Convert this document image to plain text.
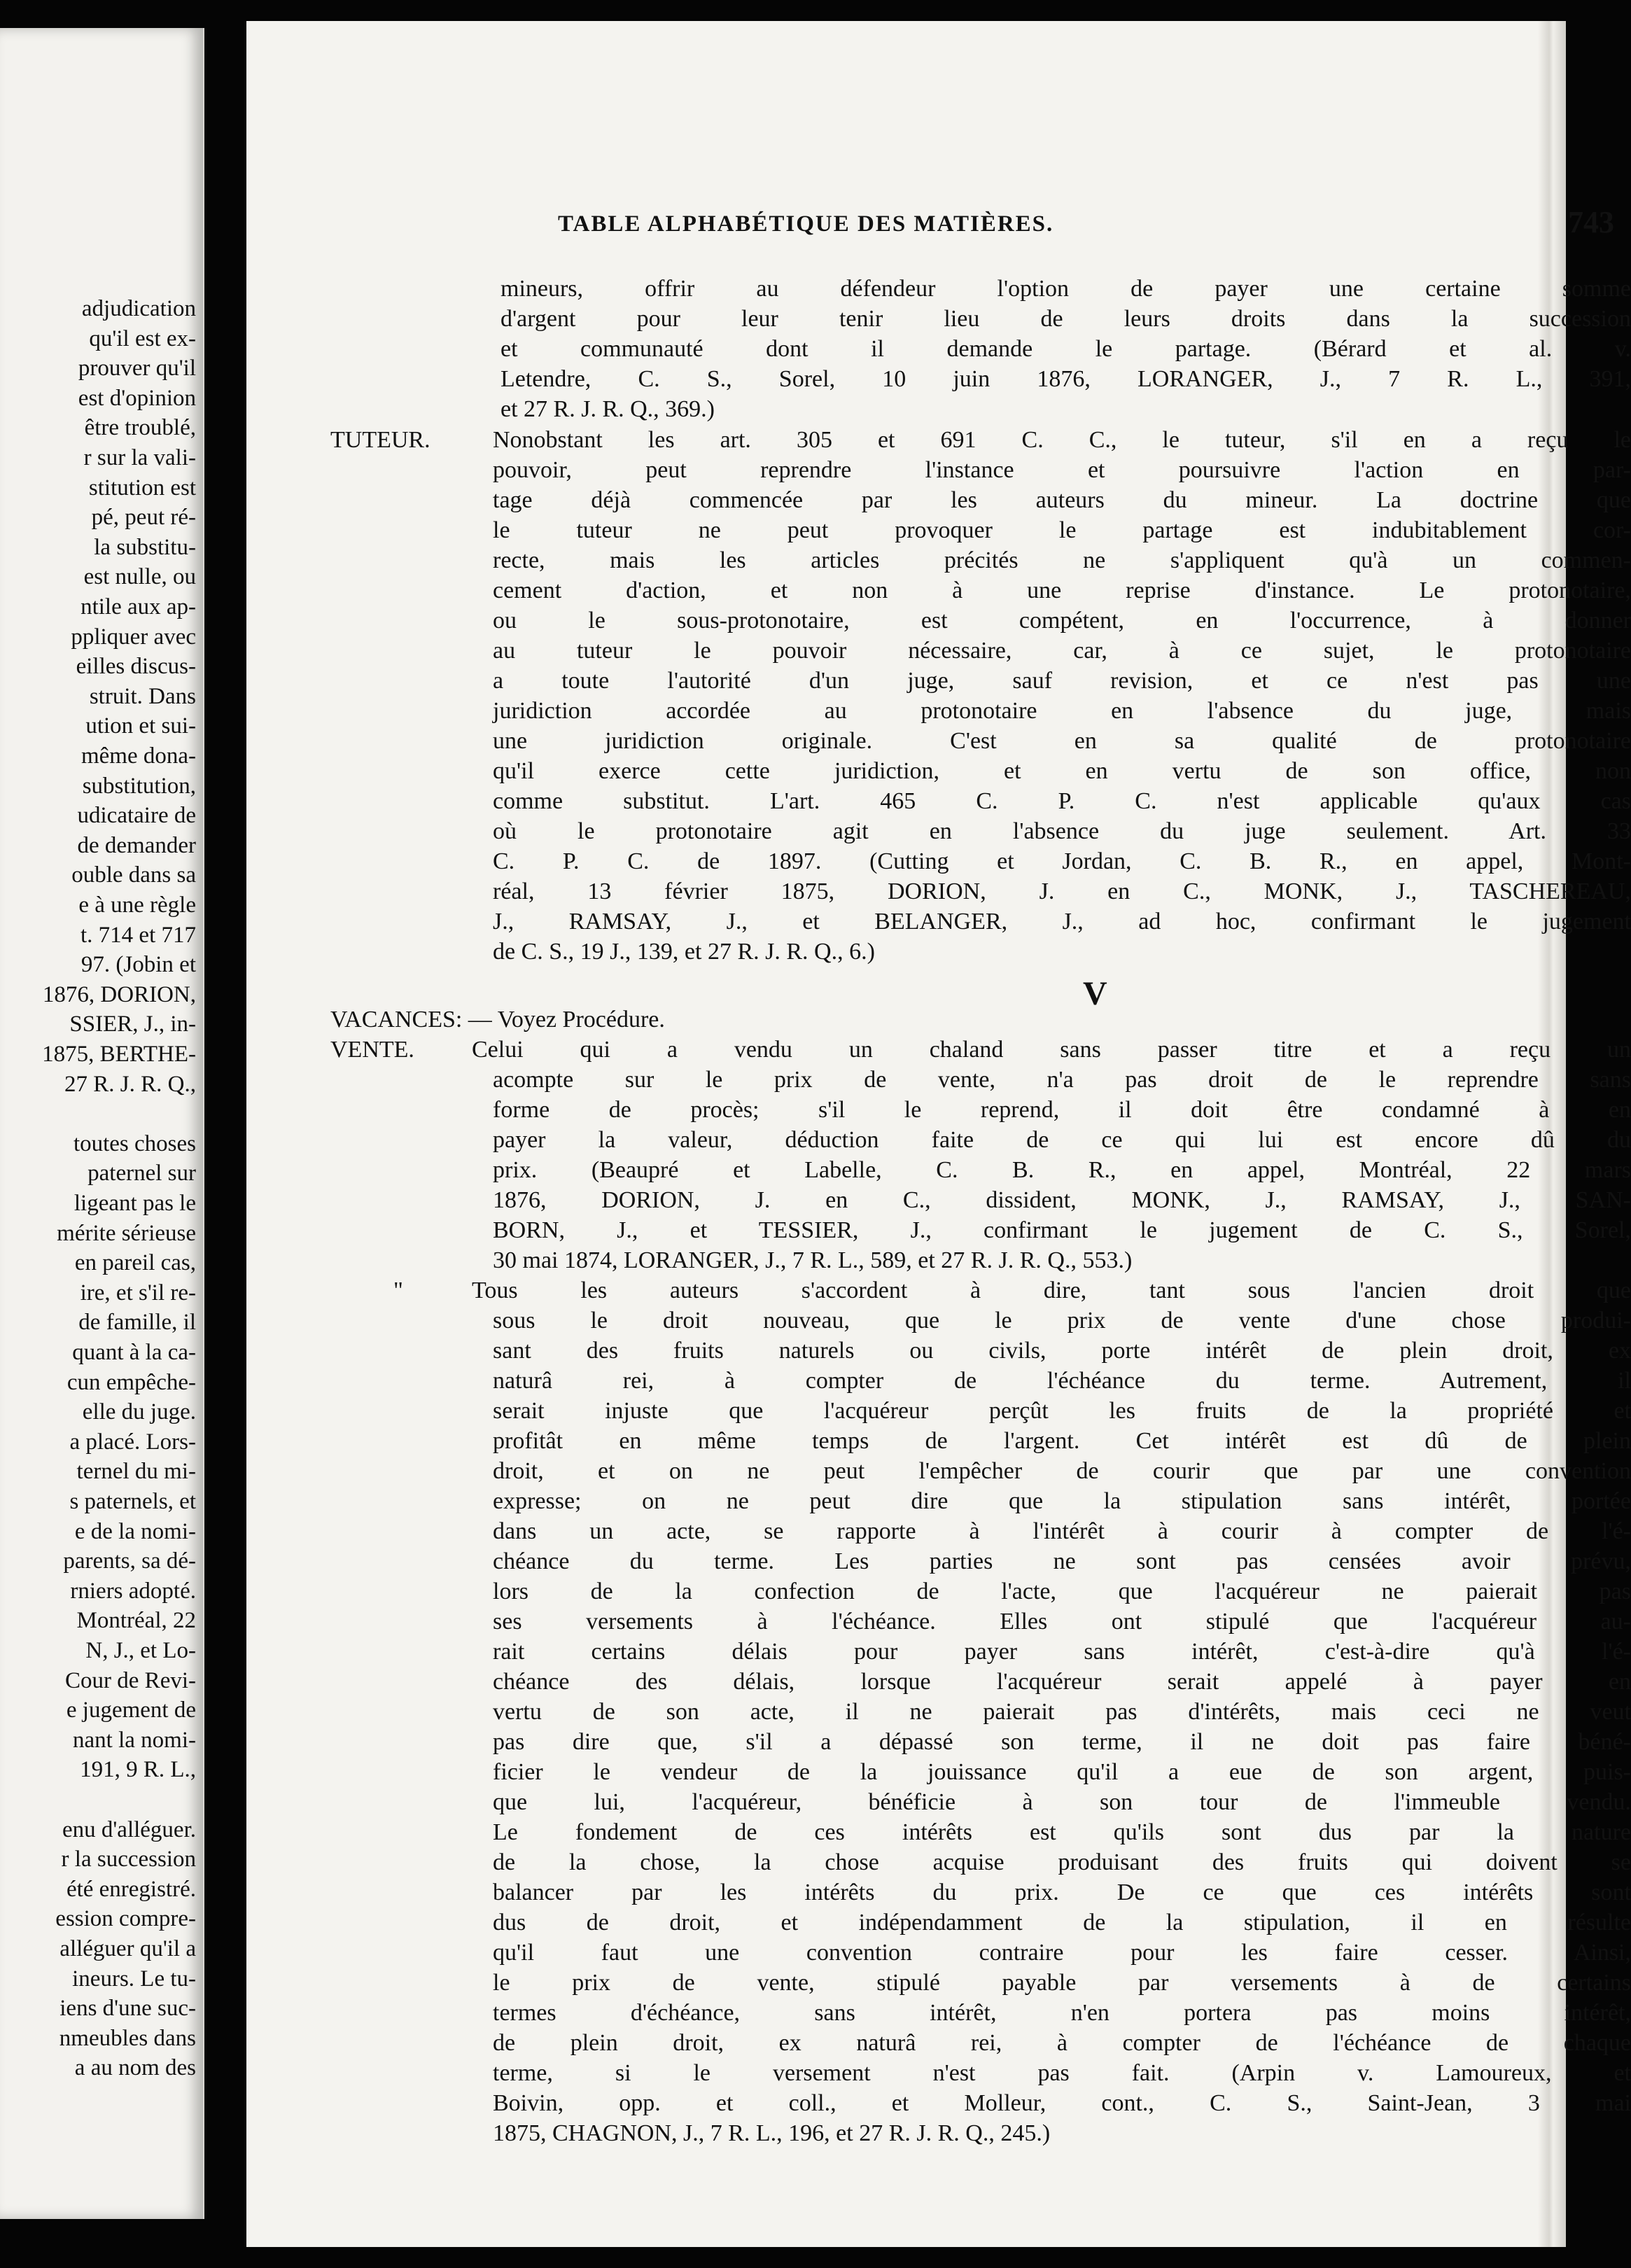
adjudication
qu'il est ex-
prouver qu'il
est d'opinion
être troublé,
r sur la vali-
stitution est
pé, peut ré-
la substitu-
est nulle, ou
ntile aux ap-
ppliquer avec
eilles discus-
struit. Dans
ution et sui-
même dona-
substitution,
udicataire de
de demander
ouble dans sa
e à une règle
t. 714 et 717
97. (Jobin et
1876, DORION,
SSIER, J., in-
1875, BERTHE-
27 R. J. R. Q.,
toutes choses
paternel sur
ligeant pas le
mérite sérieuse
en pareil cas,
ire, et s'il re-
de famille, il
quant à la ca-
cun empêche-
elle du juge.
a placé. Lors-
ternel du mi-
s paternels, et
e de la nomi-
parents, sa dé-
rniers adopté.
Montréal, 22
N, J., et Lo-
Cour de Revi-
e jugement de
nant la nomi-
191, 9 R. L.,
enu d'alléguer.
r la succession
été enregistré.
ession compre-
alléguer qu'il a
ineurs. Le tu-
iens d'une suc-
nmeubles dans
a au nom des
TABLE ALPHABÉTIQUE DES MATIÈRES.	743
mineurs, offrir au défendeur l'option de payer une certaine somme
d'argent pour leur tenir lieu de leurs droits dans la succession
et communauté dont il demande le partage. (Bérard et al. v.
Letendre, C. S., Sorel, 10 juin 1876, LORANGER, J., 7 R. L., 391,
et 27 R. J. R. Q., 369.)
TUTEUR.	Nonobstant les art. 305 et 691 C. C., le tuteur, s'il en a reçu le
pouvoir, peut reprendre l'instance et poursuivre l'action en par-
tage déjà commencée par les auteurs du mineur. La doctrine que
le tuteur ne peut provoquer le partage est indubitablement cor-
recte, mais les articles précités ne s'appliquent qu'à un commen-
cement d'action, et non à une reprise d'instance. Le protonotaire,
ou le sous-protonotaire, est compétent, en l'occurrence, à donner
au tuteur le pouvoir nécessaire, car, à ce sujet, le protonotaire
a toute l'autorité d'un juge, sauf revision, et ce n'est pas une
juridiction accordée au protonotaire en l'absence du juge, mais
une juridiction originale. C'est en sa qualité de protonotaire
qu'il exerce cette juridiction, et en vertu de son office, non
comme substitut. L'art. 465 C. P. C. n'est applicable qu'aux cas
où le protonotaire agit en l'absence du juge seulement. Art. 33
C. P. C. de 1897. (Cutting et Jordan, C. B. R., en appel, Mont-
réal, 13 février 1875, DORION, J. en C., MONK, J., TASCHEREAU,
J., RAMSAY, J., et BELANGER, J., ad hoc, confirmant le jugement
de C. S., 19 J., 139, et 27 R. J. R. Q., 6.)
V
VACANCES: — Voyez Procédure.
VENTE. Celui qui a vendu un chaland sans passer titre et a reçu un
acompte sur le prix de vente, n'a pas droit de le reprendre sans
forme de procès; s'il le reprend, il doit être condamné à en
payer la valeur, déduction faite de ce qui lui est encore dû du
prix. (Beaupré et Labelle, C. B. R., en appel, Montréal, 22 mars
1876, DORION, J. en C., dissident, MONK, J., RAMSAY, J., SAN-
BORN, J., et TESSIER, J., confirmant le jugement de C. S., Sorel,
30 mai 1874, LORANGER, J., 7 R. L., 589, et 27 R. J. R. Q., 553.)
"	Tous les auteurs s'accordent à dire, tant sous l'ancien droit que
sous le droit nouveau, que le prix de vente d'une chose produi-
sant des fruits naturels ou civils, porte intérêt de plein droit, ex
naturâ rei, à compter de l'échéance du terme. Autrement, il
serait injuste que l'acquéreur perçût les fruits de la propriété et
profitât en même temps de l'argent. Cet intérêt est dû de plein
droit, et on ne peut l'empêcher de courir que par une convention
expresse; on ne peut dire que la stipulation sans intérêt, portée
dans un acte, se rapporte à l'intérêt à courir à compter de l'é-
chéance du terme. Les parties ne sont pas censées avoir prévu,
lors de la confection de l'acte, que l'acquéreur ne paierait pas
ses versements à l'échéance. Elles ont stipulé que l'acquéreur au-
rait certains délais pour payer sans intérêt, c'est-à-dire qu'à l'é-
chéance des délais, lorsque l'acquéreur serait appelé à payer en
vertu de son acte, il ne paierait pas d'intérêts, mais ceci ne veut
pas dire que, s'il a dépassé son terme, il ne doit pas faire béné-
ficier le vendeur de la jouissance qu'il a eue de son argent, puis-
que lui, l'acquéreur, bénéficie à son tour de l'immeuble vendu.
Le fondement de ces intérêts est qu'ils sont dus par la nature
de la chose, la chose acquise produisant des fruits qui doivent se
balancer par les intérêts du prix. De ce que ces intérêts sont
dus de droit, et indépendamment de la stipulation, il en résulte
qu'il faut une convention contraire pour les faire cesser. Ainsi,
le prix de vente, stipulé payable par versements à de certains
termes d'échéance, sans intérêt, n'en portera pas moins intérêt,
de plein droit, ex naturâ rei, à compter de l'échéance de chaque
terme, si le versement n'est pas fait. (Arpin v. Lamoureux, et
Boivin, opp. et coll., et Molleur, cont., C. S., Saint-Jean, 3 mai
1875, CHAGNON, J., 7 R. L., 196, et 27 R. J. R. Q., 245.)
